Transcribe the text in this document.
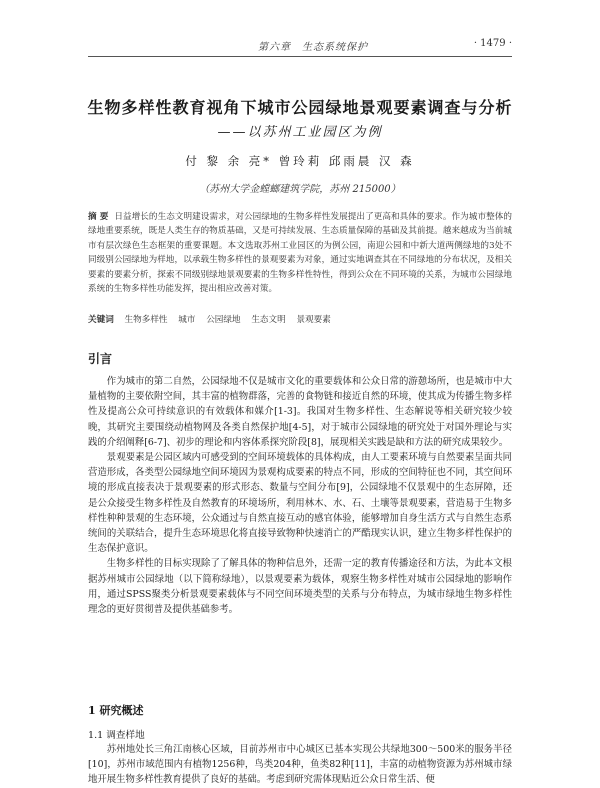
第六章　生态系统保护	· 1479 ·
生物多样性教育视角下城市公园绿地景观要素调查与分析
——以苏州工业园区为例
付 黎 余 亮* 曾玲莉 邱雨晨 汉 森
（苏州大学金螳螂建筑学院，苏州 215000）
摘 要 日益增长的生态文明建设需求，对公园绿地的生物多样性发展提出了更高和具体的要求。作为城市整体的绿地重要系统，既是人类生存的物质基础，又是可持续发展、生态质量保障的基础及其前提。越来越成为当前城市有层次绿色生态框架的重要课题。本文选取苏州工业园区的为例公园，南迎公园和中新大道两侧绿地的3处不同级别公园绿地为样地，以承载生物多样性的景观要素为对象，通过实地调查其在不同绿地的分布状况，及相关要素的要素分析，探索不同级别绿地景观要素的生物多样性特性，得到公众在不同环境的关系，为城市公园绿地系统的生物多样性功能发挥，提出相应改善对策。
关键词 生物多样性 城市 公园绿地 生态文明 景观要素
引言

作为城市的第二自然，公园绿地不仅是城市文化的重要载体和公众日常的游憩场所，也是城市中大量植物的主要依附空间，其丰富的植物群落，完善的食物链和接近自然的环境，使其成为传播生物多样性及提高公众可持续意识的有效载体和媒介[1-3]。我国对生物多样性、生态解说等相关研究较少较晚，其研究主要围绕动植物网及各类自然保护地[4-5]，对于城市公园绿地的研究处于对国外理论与实践的介绍阐释[6-7]、初步的理论和内容体系探究阶段[8]，展现相关实践是缺和方法的研究成果较少。

景观要素是公园区域内可感受到的空间环境载体的具体构成，由人工要素环境与自然要素呈面共同营造形成，各类型公园绿地空间环境因为景观构成要素的特点不同，形成的空间特征也不同，其空间环境的形成直接表决于景观要素的形式形态、数量与空间分布[9]，公园绿地不仅景观中的生态屏障，还是公众接受生物多样性及自然教育的环境场所，利用林木、水、石、土壤等景观要素，营造易于生物多样性种种景观的生态环境，公众通过与自然直接互动的感官体验，能够增加自身生活方式与自然生态系统间的关联结合，提升生态环境思化将直接导致物种快速消亡的严酷现实认识，建立生物多样性保护的生态保护意识。

生物多样性的目标实现除了了解具体的物种信息外，还需一定的教育传播途径和方法，为此本文根据苏州城市公园绿地（以下简称绿地），以景观要素为载体，观察生物多样性对城市公园绿地的影响作用，通过SPSS聚类分析景观要素载体与不同空间环境类型的关系与分布特点，为城市绿地生物多样性理念的更好贯彻普及提供基础参考。

1 研究概述
1.1 调查样地

苏州地处长三角江南核心区域，目前苏州市中心城区已基本实现公共绿地300～500米的服务半径[10]，苏州市域范围内有植物1256种，鸟类204种，鱼类82种[11]，丰富的动植物资源为苏州城市绿地开展生物多样性教育提供了良好的基础。考虑到研究需体现贴近公众日常生活、便
